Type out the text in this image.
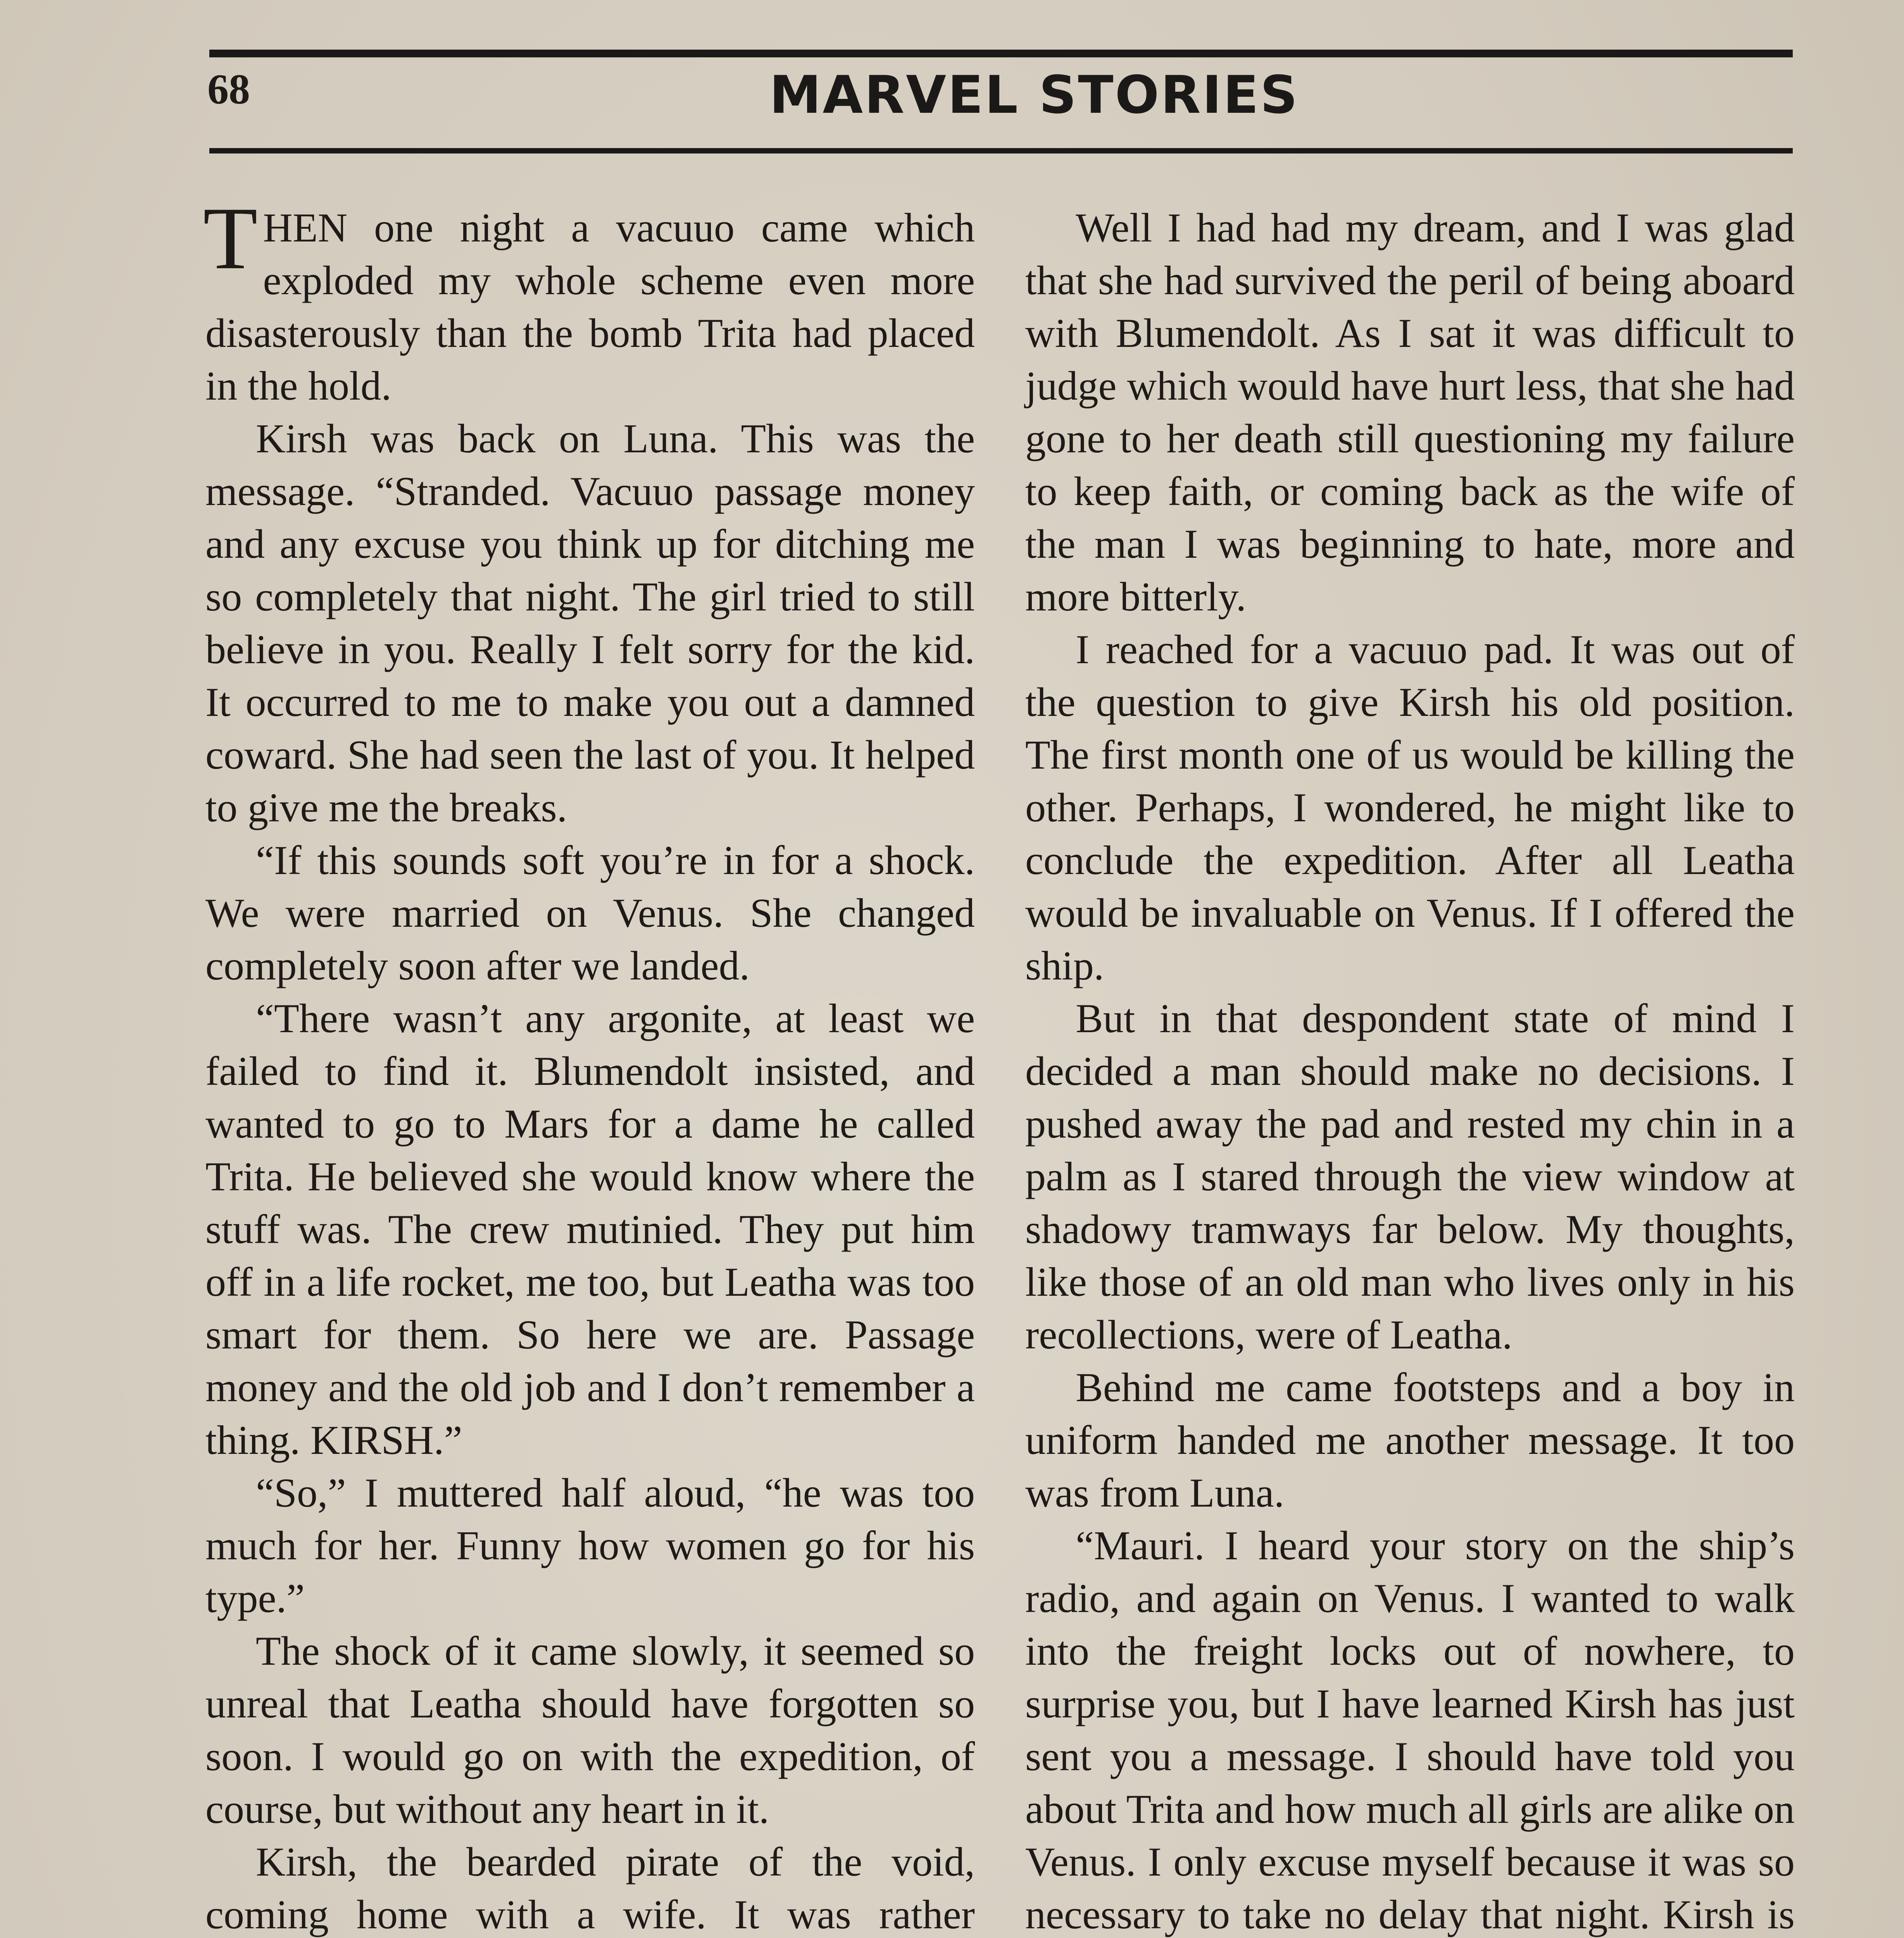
68	MARVEL STORIES

THEN one night a vacuuo came which exploded my whole scheme even more disasterously than the bomb Trita had placed in the hold.

Kirsh was back on Luna. This was the message. “Stranded. Vacuuo passage money and any excuse you think up for ditching me so completely that night. The girl tried to still believe in you. Really I felt sorry for the kid. It occurred to me to make you out a damned coward. She had seen the last of you. It helped to give me the breaks.

“If this sounds soft you’re in for a shock. We were married on Venus. She changed completely soon after we landed.

“There wasn’t any argonite, at least we failed to find it. Blumendolt insisted, and wanted to go to Mars for a dame he called Trita. He believed she would know where the stuff was. The crew mutinied. They put him off in a life rocket, me too, but Leatha was too smart for them. So here we are. Passage money and the old job and I don’t remember a thing. KIRSH.”

“So,” I muttered half aloud, “he was too much for her. Funny how women go for his type.”

The shock of it came slowly, it seemed so unreal that Leatha should have forgotten so soon. I would go on with the expedition, of course, but without any heart in it.

Kirsh, the bearded pirate of the void, coming home with a wife. It was rather

Well I had had my dream, and I was glad that she had survived the peril of being aboard with Blumendolt. As I sat it was difficult to judge which would have hurt less, that she had gone to her death still questioning my failure to keep faith, or coming back as the wife of the man I was beginning to hate, more and more bitterly.

I reached for a vacuuo pad. It was out of the question to give Kirsh his old position. The first month one of us would be killing the other. Perhaps, I wondered, he might like to conclude the expedition. After all Leatha would be invaluable on Venus. If I offered the ship.

But in that despondent state of mind I decided a man should make no decisions. I pushed away the pad and rested my chin in a palm as I stared through the view window at shadowy tramways far below. My thoughts, like those of an old man who lives only in his recollections, were of Leatha.

Behind me came footsteps and a boy in uniform handed me another message. It too was from Luna.

“Mauri. I heard your story on the ship’s radio, and again on Venus. I wanted to walk into the freight locks out of nowhere, to surprise you, but I have learned Kirsh has just sent you a message. I should have told you about Trita and how much all girls are alike on Venus. I only excuse myself because it was so necessary to take no delay that night. Kirsh is
